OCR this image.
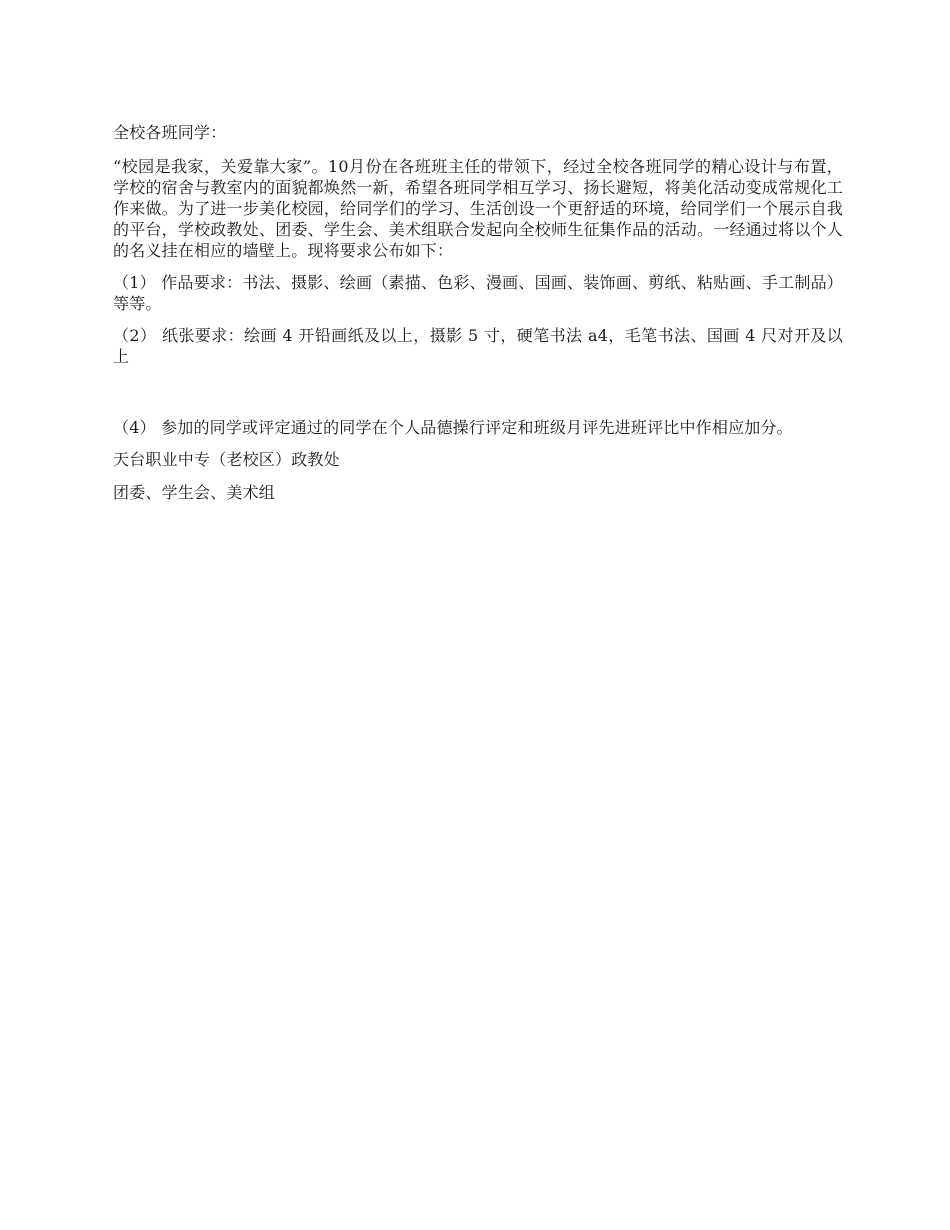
全校各班同学：

“校园是我家，关爱靠大家”。10月份在各班班主任的带领下，经过全校各班同学的精心设计与布置，学校的宿舍与教室内的面貌都焕然一新，希望各班同学相互学习、扬长避短，将美化活动变成常规化工作来做。为了进一步美化校园，给同学们的学习、生活创设一个更舒适的环境，给同学们一个展示自我的平台，学校政教处、团委、学生会、美术组联合发起向全校师生征集作品的活动。一经通过将以个人的名义挂在相应的墙壁上。现将要求公布如下：

（1） 作品要求：书法、摄影、绘画（素描、色彩、漫画、国画、装饰画、剪纸、粘贴画、手工制品）等等。

（2） 纸张要求：绘画 4 开铅画纸及以上，摄影 5 寸，硬笔书法 a4，毛笔书法、国画 4 尺对开及以上

（4） 参加的同学或评定通过的同学在个人品德操行评定和班级月评先进班评比中作相应加分。

天台职业中专（老校区）政教处

团委、学生会、美术组
